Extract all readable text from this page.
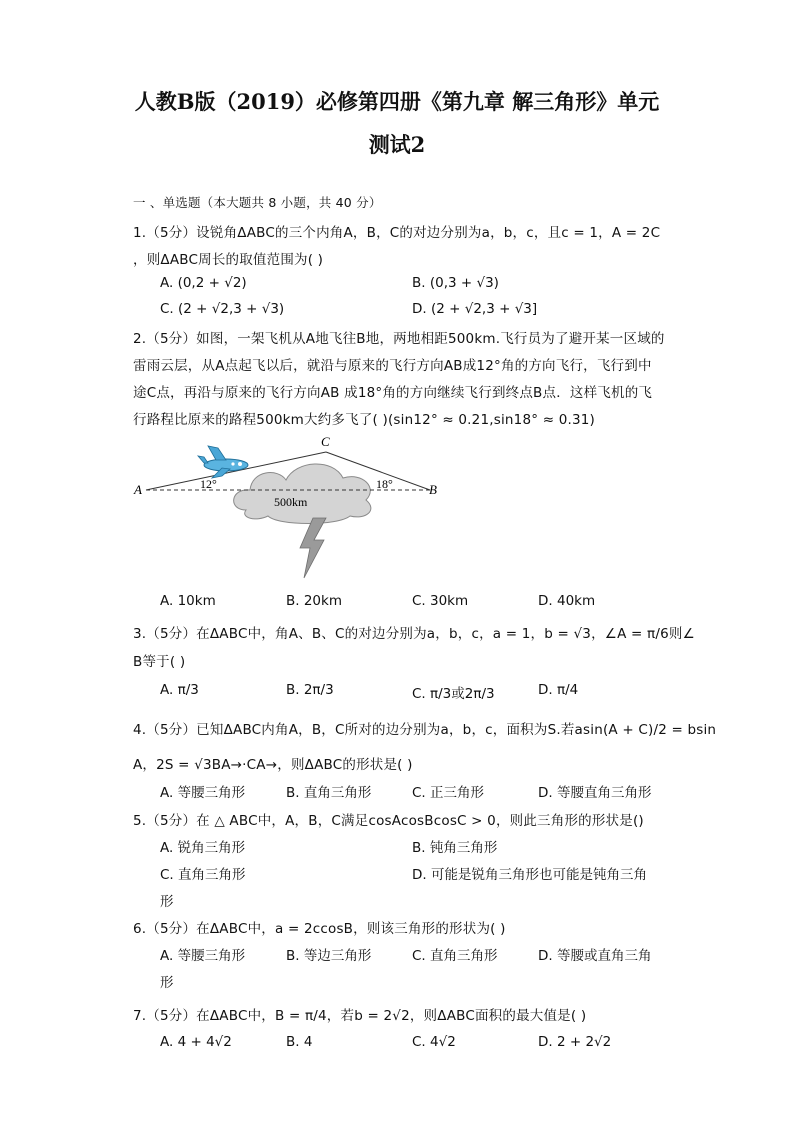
人教B版（2019）必修第四册《第九章 解三角形》单元
测试2
一 、单选题（本大题共 8 小题，共 40 分）
1.（5分）设锐角ΔABC的三个内角A，B，C的对边分别为a，b，c，且c = 1，A = 2C
，则ΔABC周长的取值范围为( )
A. (0,2 + √2)	B. (0,3 + √3)
C. (2 + √2,3 + √3)	D. (2 + √2,3 + √3]
2.（5分）如图，一架飞机从A地飞往B地，两地相距500km.飞行员为了避开某一区域的
雷雨云层，从A点起飞以后，就沿与原来的飞行方向AB成12°角的方向飞行，飞行到中
途C点，再沿与原来的飞行方向AB 成18°角的方向继续飞行到终点B点．这样飞机的飞
行路程比原来的路程500km大约多飞了( )(sin12° ≈ 0.21,sin18° ≈ 0.31)
A	B
C
12°	18°
500km
A. 10km	B. 20km	C. 30km	D. 40km
3.（5分）在ΔABC中，角A、B、C的对边分别为a，b，c，a = 1，b = √3，∠A = π/6则∠
B等于( )
A. π/3	B. 2π/3	C. π/3或2π/3	D. π/4
4.（5分）已知ΔABC内角A，B，C所对的边分别为a，b，c，面积为S.若asin(A + C)/2 = bsin
A，2S = √3BA→·CA→，则ΔABC的形状是( )
A. 等腰三角形	B. 直角三角形	C. 正三角形	D. 等腰直角三角形
5.（5分）在 △ ABC中，A，B，C满足cosAcosBcosC > 0，则此三角形的形状是()
A. 锐角三角形	B. 钝角三角形
C. 直角三角形	D. 可能是锐角三角形也可能是钝角三角
形
6.（5分）在ΔABC中，a = 2ccosB，则该三角形的形状为( )
A. 等腰三角形	B. 等边三角形	C. 直角三角形	D. 等腰或直角三角
形
7.（5分）在ΔABC中，B = π/4，若b = 2√2，则ΔABC面积的最大值是( )
A. 4 + 4√2	B. 4	C. 4√2	D. 2 + 2√2
